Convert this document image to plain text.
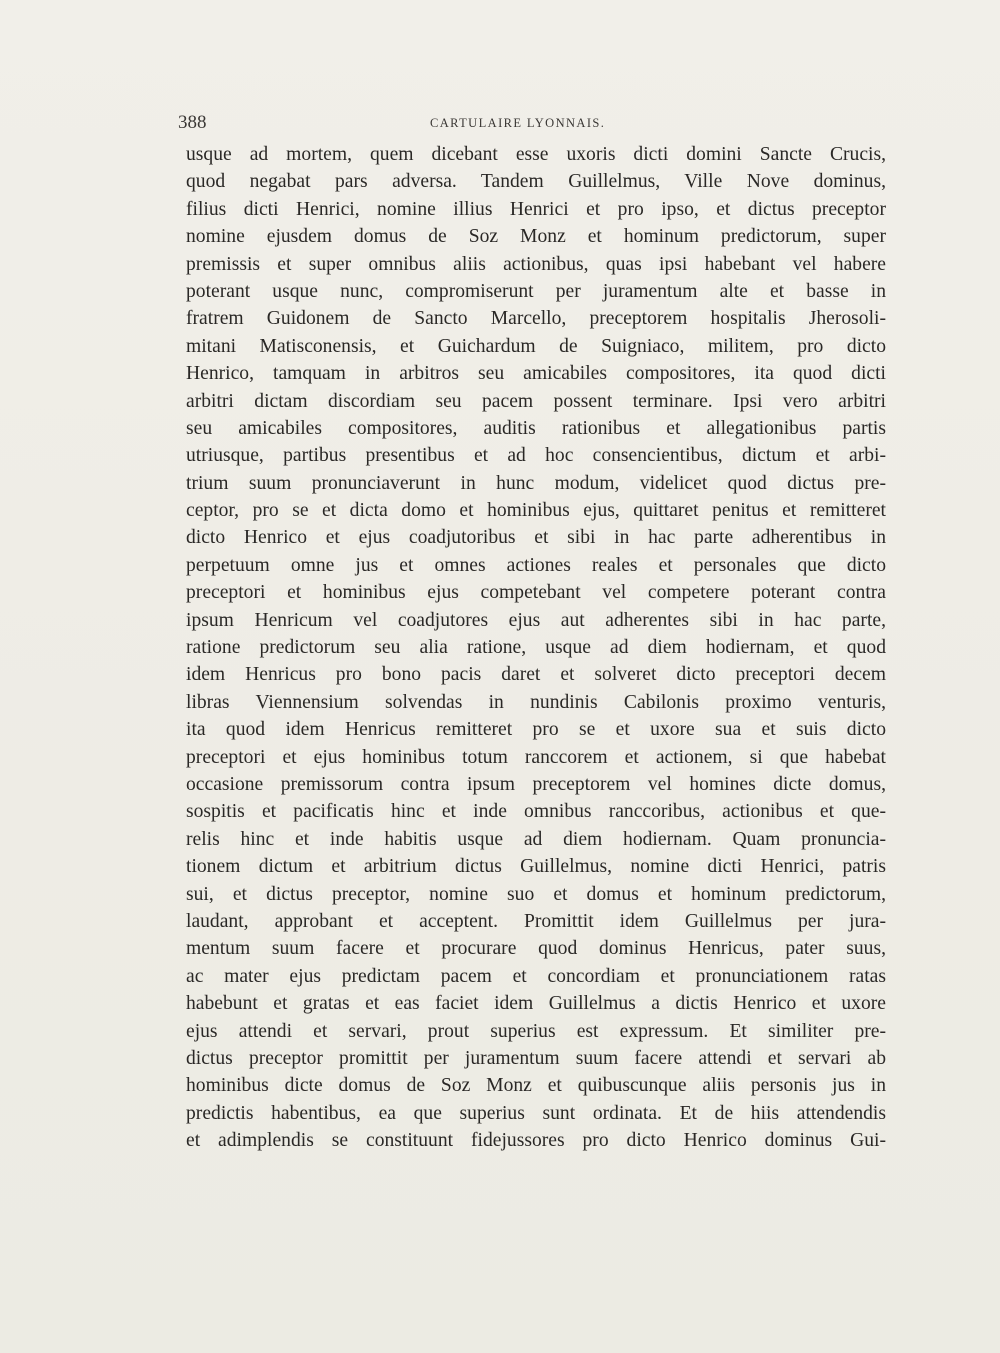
388	CARTULAIRE LYONNAIS.
usque ad mortem, quem dicebant esse uxoris dicti domini Sancte Crucis,
quod negabat pars adversa. Tandem Guillelmus, Ville Nove dominus,
filius dicti Henrici, nomine illius Henrici et pro ipso, et dictus preceptor
nomine ejusdem domus de Soz Monz et hominum predictorum, super
premissis et super omnibus aliis actionibus, quas ipsi habebant vel habere
poterant usque nunc, compromiserunt per juramentum alte et basse in
fratrem Guidonem de Sancto Marcello, preceptorem hospitalis Jherosoli-
mitani Matisconensis, et Guichardum de Suigniaco, militem, pro dicto
Henrico, tamquam in arbitros seu amicabiles compositores, ita quod dicti
arbitri dictam discordiam seu pacem possent terminare. Ipsi vero arbitri
seu amicabiles compositores, auditis rationibus et allegationibus partis
utriusque, partibus presentibus et ad hoc consencientibus, dictum et arbi-
trium suum pronunciaverunt in hunc modum, videlicet quod dictus pre-
ceptor, pro se et dicta domo et hominibus ejus, quittaret penitus et remitteret
dicto Henrico et ejus coadjutoribus et sibi in hac parte adherentibus in
perpetuum omne jus et omnes actiones reales et personales que dicto
preceptori et hominibus ejus competebant vel competere poterant contra
ipsum Henricum vel coadjutores ejus aut adherentes sibi in hac parte,
ratione predictorum seu alia ratione, usque ad diem hodiernam, et quod
idem Henricus pro bono pacis daret et solveret dicto preceptori decem
libras Viennensium solvendas in nundinis Cabilonis proximo venturis,
ita quod idem Henricus remitteret pro se et uxore sua et suis dicto
preceptori et ejus hominibus totum ranccorem et actionem, si que habebat
occasione premissorum contra ipsum preceptorem vel homines dicte domus,
sospitis et pacificatis hinc et inde omnibus ranccoribus, actionibus et que-
relis hinc et inde habitis usque ad diem hodiernam. Quam pronuncia-
tionem dictum et arbitrium dictus Guillelmus, nomine dicti Henrici, patris
sui, et dictus preceptor, nomine suo et domus et hominum predictorum,
laudant, approbant et acceptent. Promittit idem Guillelmus per jura-
mentum suum facere et procurare quod dominus Henricus, pater suus,
ac mater ejus predictam pacem et concordiam et pronunciationem ratas
habebunt et gratas et eas faciet idem Guillelmus a dictis Henrico et uxore
ejus attendi et servari, prout superius est expressum. Et similiter pre-
dictus preceptor promittit per juramentum suum facere attendi et servari ab
hominibus dicte domus de Soz Monz et quibuscunque aliis personis jus in
predictis habentibus, ea que superius sunt ordinata. Et de hiis attendendis
et adimplendis se constituunt fidejussores pro dicto Henrico dominus Gui-
